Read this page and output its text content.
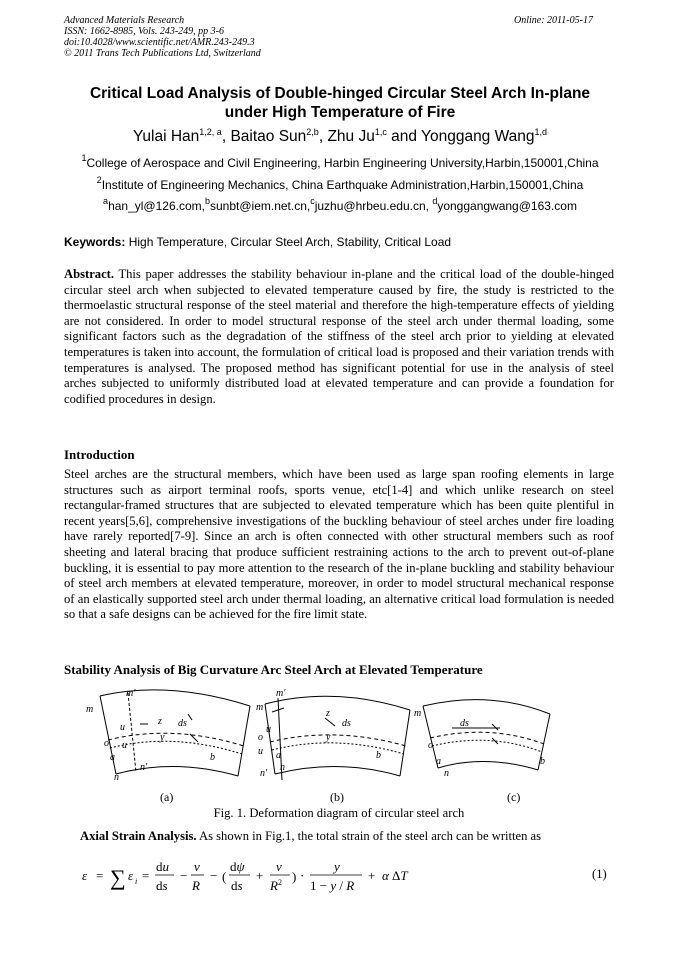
Advanced Materials Research
ISSN: 1662-8985, Vols. 243-249, pp 3-6
doi:10.4028/www.scientific.net/AMR.243-249.3
© 2011 Trans Tech Publications Ltd, Switzerland
Online: 2011-05-17
Critical Load Analysis of Double-hinged Circular Steel Arch In-plane
under High Temperature of Fire
Yulai Han$^{1,2, a}$, Baitao Sun$^{2,b}$, Zhu Ju$^{1,c}$ and Yonggang Wang$^{1,d}$
$^1$College of Aerospace and Civil Engineering, Harbin Engineering University,Harbin,150001,China
$^2$Institute of Engineering Mechanics, China Earthquake Administration,Harbin,150001,China
$^a$han_yl@126.com,$^b$sunbt@iem.net.cn,$^c$juzhu@hrbeu.edu.cn, $^d$yonggangwang@163.com
Keywords: High Temperature, Circular Steel Arch, Stability, Critical Load
Abstract. This paper addresses the stability behaviour in-plane and the critical load of the double-hinged circular steel arch when subjected to elevated temperature caused by fire, the study is restricted to the thermoelastic structural response of the steel material and therefore the high-temperature effects of yielding are not considered. In order to model structural response of the steel arch under thermal loading, some significant factors such as the degradation of the stiffness of the steel arch prior to yielding at elevated temperatures is taken into account, the formulation of critical load is proposed and their variation trends with temperatures is analysed. The proposed method has significant potential for use in the analysis of steel arches subjected to uniformly distributed load at elevated temperature and can provide a foundation for codified procedures in design.
Introduction
Steel arches are the structural members, which have been used as large span roofing elements in large structures such as airport terminal roofs, sports venue, etc[1-4] and which unlike research on steel rectangular-framed structures that are subjected to elevated temperature which has been quite plentiful in recent years[5,6], comprehensive investigations of the buckling behaviour of steel arches under fire loading have rarely reported[7-9]. Since an arch is often connected with other structural members such as roof sheeting and lateral bracing that produce sufficient restraining actions to the arch to prevent out-of-plane buckling, it is essential to pay more attention to the research of the in-plane buckling and stability behaviour of steel arch members at elevated temperature, moreover, in order to model structural mechanical response of an elastically supported steel arch under thermal loading, an alternative critical load formulation is needed so that a safe designs can be achieved for the fire limit state.
Stability Analysis of Big Curvature Arc Steel Arch at Elevated Temperature
m
m′
u
u
o
a
n
n′
z ds
y
b
m
m′
u
u
o
a
n
n′
z
ds
y
b
m
o
a
n
ds
b
(a)	(b)	(c)
Fig. 1. Deformation diagram of circular steel arch
Axial Strain Analysis. As shown in Fig.1, the total strain of the steel arch can be written as
ε = ∑ ε i =
du
ds
−
v
R
− (
dψ
ds
+
v
$R^2$ ) ·
y
1 − y / R
+ α ΔT	(1)
